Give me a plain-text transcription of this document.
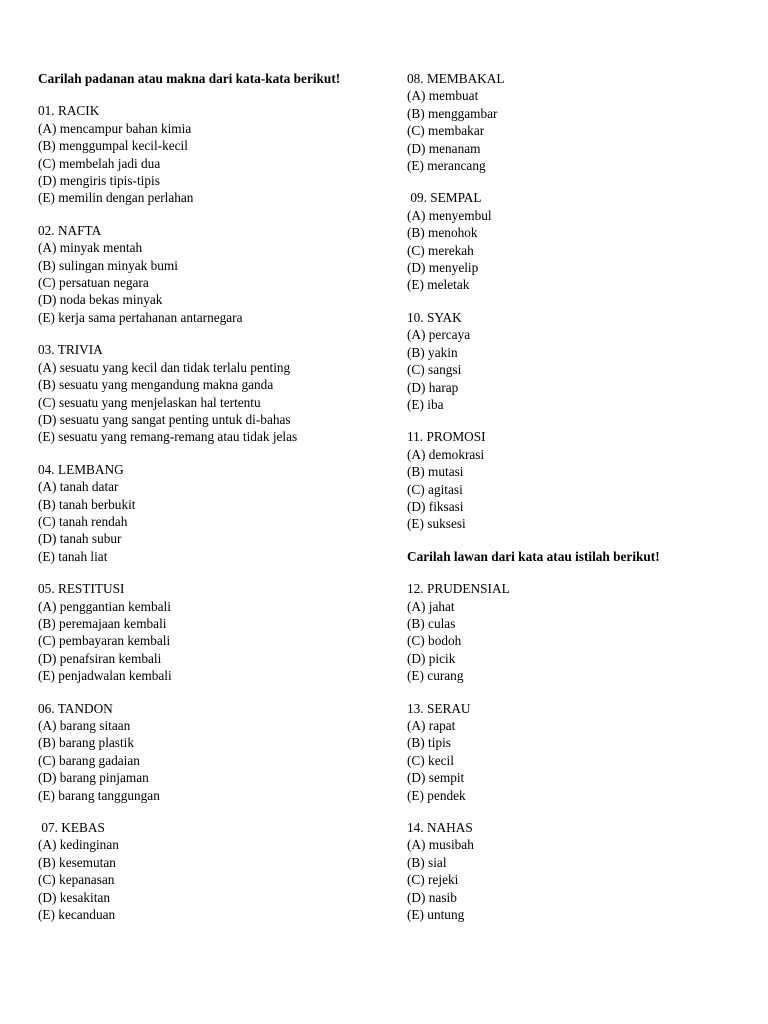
Carilah padanan atau makna dari kata-kata berikut!
01. RACIK
(A) mencampur bahan kimia
(B) menggumpal kecil-kecil
(C) membelah jadi dua
(D) mengiris tipis-tipis
(E) memilin dengan perlahan
02. NAFTA
(A) minyak mentah
(B) sulingan minyak bumi
(C) persatuan negara
(D) noda bekas minyak
(E) kerja sama pertahanan antarnegara
03. TRIVIA
(A) sesuatu yang kecil dan tidak terlalu penting
(B) sesuatu yang mengandung makna ganda
(C) sesuatu yang menjelaskan hal tertentu
(D) sesuatu yang sangat penting untuk di-bahas
(E) sesuatu yang remang-remang atau tidak jelas
04. LEMBANG
(A) tanah datar
(B) tanah berbukit
(C) tanah rendah
(D) tanah subur
(E) tanah liat
05. RESTITUSI
(A) penggantian kembali
(B) peremajaan kembali
(C) pembayaran kembali
(D) penafsiran kembali
(E) penjadwalan kembali
06. TANDON
(A) barang sitaan
(B) barang plastik
(C) barang gadaian
(D) barang pinjaman
(E) barang tanggungan
07. KEBAS
(A) kedinginan
(B) kesemutan
(C) kepanasan
(D) kesakitan
(E) kecanduan
08. MEMBAKAL
(A) membuat
(B) menggambar
(C) membakar
(D) menanam
(E) merancang
09. SEMPAL
(A) menyembul
(B) menohok
(C) merekah
(D) menyelip
(E) meletak
10. SYAK
(A) percaya
(B) yakin
(C) sangsi
(D) harap
(E) iba
11. PROMOSI
(A) demokrasi
(B) mutasi
(C) agitasi
(D) fiksasi
(E) suksesi
Carilah lawan dari kata atau istilah berikut!
12. PRUDENSIAL
(A) jahat
(B) culas
(C) bodoh
(D) picik
(E) curang
13. SERAU
(A) rapat
(B) tipis
(C) kecil
(D) sempit
(E) pendek
14. NAHAS
(A) musibah
(B) sial
(C) rejeki
(D) nasib
(E) untung
